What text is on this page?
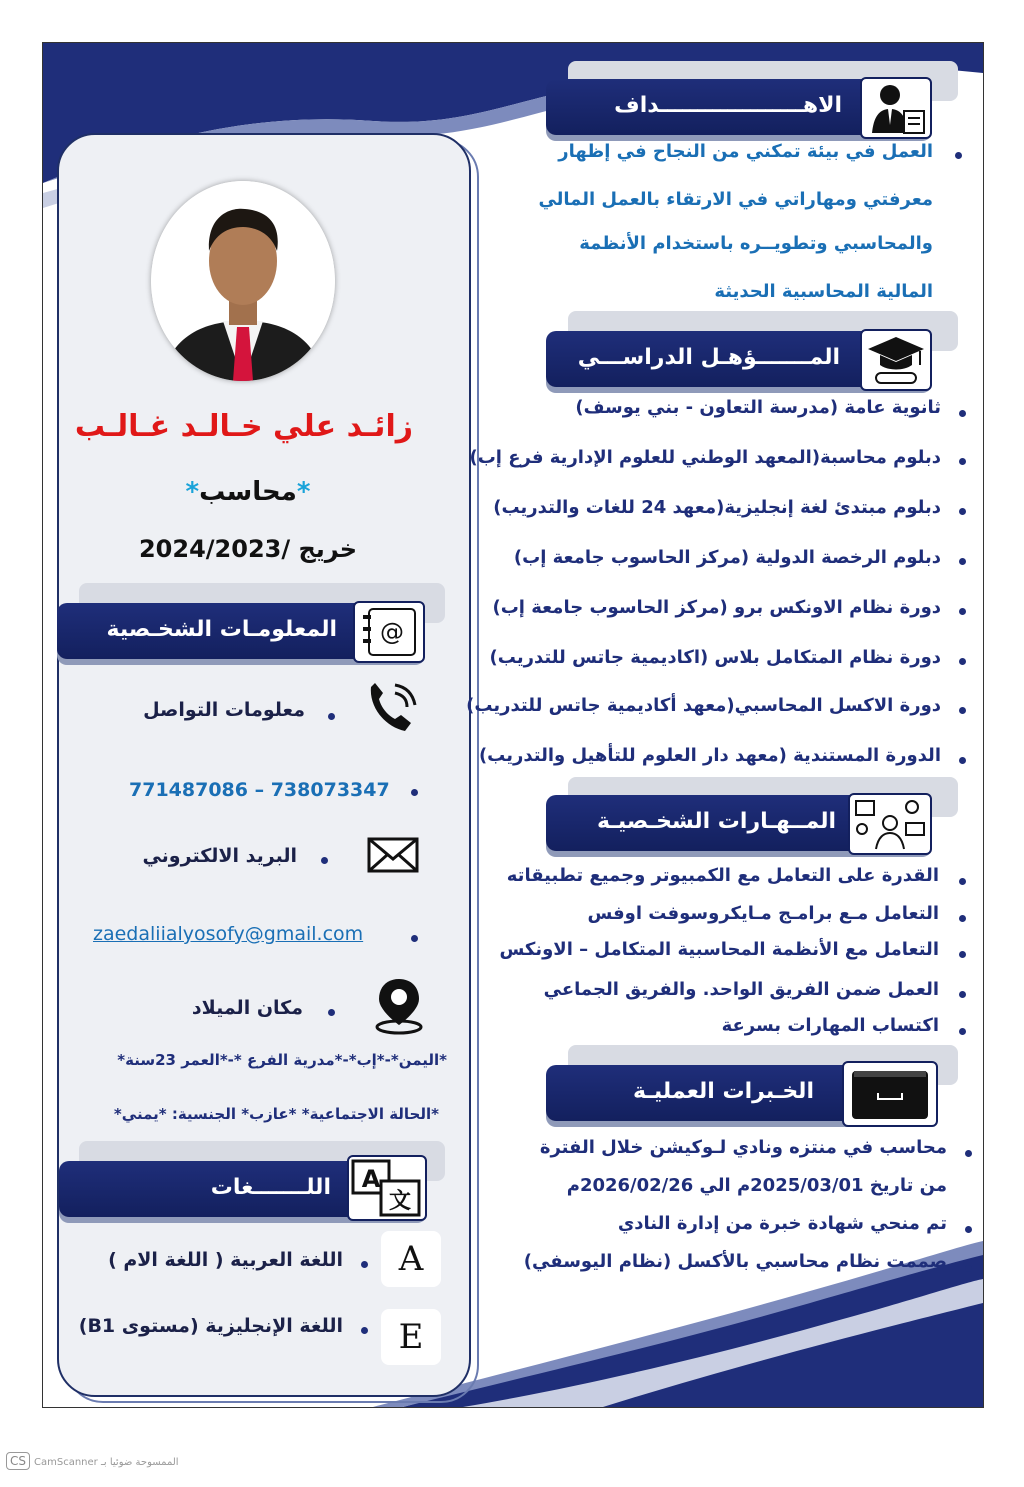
زائـد علي خـالـد غـالـب
*محاسب*
خريج /2024/2023
الاهـــــــــــــــــــداف
العمل في بيئة تمكني من النجاح في إظهار
معرفتي ومهاراتي في الارتقاء بالعمل المالي
والمحاسبي وتطويــره باستخدام الأنظمة
المالية المحاسبية الحديثة
المـــــــؤهـل الدراســـي
ثانوية عامة (مدرسة التعاون - بني يوسف)
دبلوم محاسبة(المعهد الوطني للعلوم الإدارية فرع إب)
دبلوم مبتدئ لغة إنجليزية(معهد 24 للغات والتدريب)
دبلوم الرخصة الدولية (مركز الحاسوب جامعة إب)
دورة نظام الاونكس برو (مركز الحاسوب جامعة إب)
دورة نظام المتكامل بلاس (اكاديمية جاتس للتدريب)
دورة الاكسل المحاسبي(معهد أكاديمية جاتس للتدريب)
الدورة المستندية (معهد دار العلوم للتأهيل والتدريب)
المــهـارات الشخـصيـة
القدرة على التعامل مع الكمبيوتر وجميع تطبيقاته
التعامل مـع برامـج مـايكروسوفت اوفس
التعامل مع الأنظمة المحاسبية المتكامل – الاونكس
العمل ضمن الفريق الواحد. والفريق الجماعي
اكتساب المهارات بسرعة
الخـبرات العمليـة
محاسب في منتزه ونادي لـوكيشن خلال الفترة
من تاريخ 2025/03/01م الي 2026/02/26م
تم منحي شهادة خبرة من إدارة النادي
صممت نظام محاسبي بالأكسل (نظام اليوسفي)
المعلومـات الشخـصية @
معلومات التواصل
771487086 – 738073347
البريد الالكتروني
zaedaliialyosofy@gmail.com
مكان الميلاد
*اليمن*-*إب*-*مدرية الفرع *-*العمر 23سنة*
*الحالة الاجتماعية* *عازب* الجنسية: *يمني*
اللـــــــغات A
文
A
اللغة العربية ( اللغة الام )
E
اللغة الإنجليزية (مستوى B1)
CS CamScanner الممسوحة ضوئيا بـ
